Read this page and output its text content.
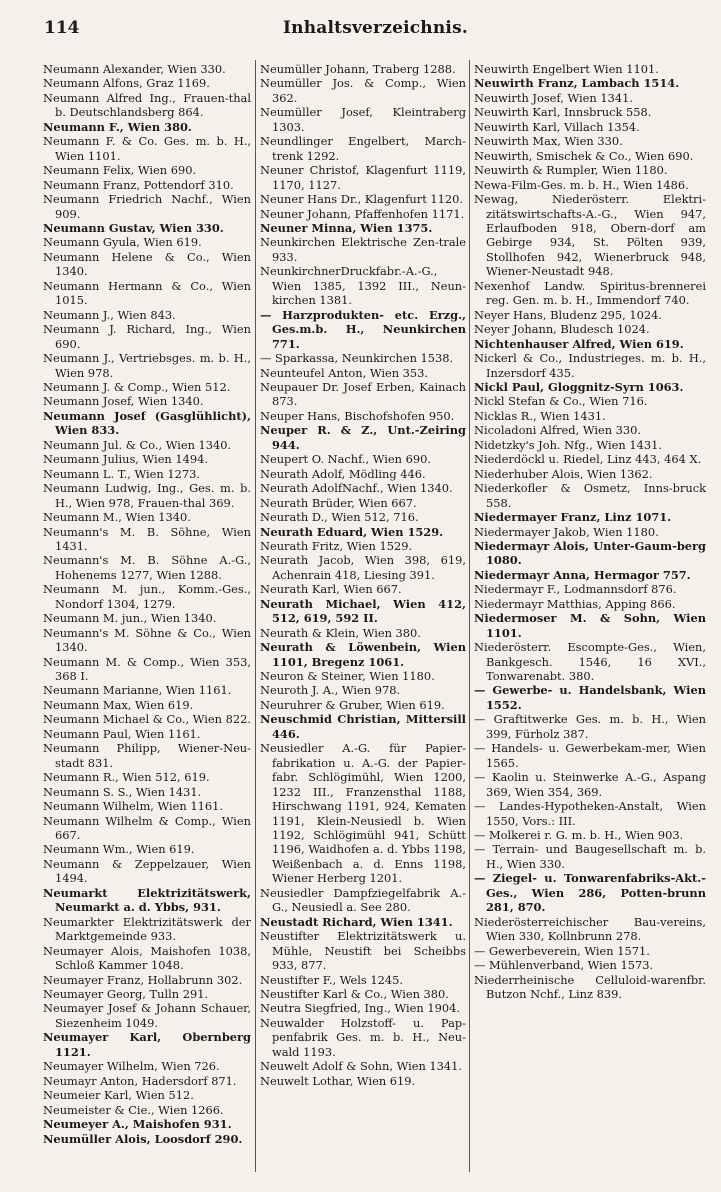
114	Inhaltsverzeichnis.

Neumann Alexander, Wien 330.

Neumann Alfons, Graz 1169.

Neumann Alfred Ing., Frauen-thal b. Deutschlandsberg 864.

Neumann F., Wien 380.

Neumann F. & Co. Ges. m. b. H., Wien 1101.

Neumann Felix, Wien 690.

Neumann Franz, Pottendorf 310.

Neumann Friedrich Nachf., Wien 909.

Neumann Gustav, Wien 330.

Neumann Gyula, Wien 619.

Neumann Helene & Co., Wien 1340.

Neumann Hermann & Co., Wien 1015.

Neumann J., Wien 843.

Neumann J. Richard, Ing., Wien 690.

Neumann J., Vertriebsges. m. b. H., Wien 978.

Neumann J. & Comp., Wien 512.

Neumann Josef, Wien 1340.

Neumann Josef (Gasglühlicht), Wien 833.

Neumann Jul. & Co., Wien 1340.

Neumann Julius, Wien 1494.

Neumann L. T., Wien 1273.

Neumann Ludwig, Ing., Ges. m. b. H., Wien 978, Frauen-thal 369.

Neumann M., Wien 1340.

Neumann's M. B. Söhne, Wien 1431.

Neumann's M. B. Söhne A.-G., Hohenems 1277, Wien 1288.

Neumann M. jun., Komm.-Ges., Nondorf 1304, 1279.

Neumann M. jun., Wien 1340.

Neumann's M. Söhne & Co., Wien 1340.

Neumann M. & Comp., Wien 353, 368 I.

Neumann Marianne, Wien 1161.

Neumann Max, Wien 619.

Neumann Michael & Co., Wien 822.

Neumann Paul, Wien 1161.

Neumann Philipp, Wiener-Neu-stadt 831.

Neumann R., Wien 512, 619.

Neumann S. S., Wien 1431.

Neumann Wilhelm, Wien 1161.

Neumann Wilhelm & Comp., Wien 667.

Neumann Wm., Wien 619.

Neumann & Zeppelzauer, Wien 1494.

Neumarkt Elektrizitätswerk, Neumarkt a. d. Ybbs, 931.

Neumarkter Elektrizitätswerk der Marktgemeinde 933.

Neumayer Alois, Maishofen 1038, Schloß Kammer 1048.

Neumayer Franz, Hollabrunn 302.

Neumayer Georg, Tulln 291.

Neumayer Josef & Johann Schauer, Siezenheim 1049.

Neumayer Karl, Obernberg 1121.

Neumayer Wilhelm, Wien 726.

Neumayr Anton, Hadersdorf 871.

Neumeier Karl, Wien 512.

Neumeister & Cie., Wien 1266.

Neumeyer A., Maishofen 931.

Neumüller Alois, Loosdorf 290.

Neumüller Johann, Traberg 1288.

Neumüller Jos. & Comp., Wien 362.

Neumüller Josef, Kleintraberg 1303.

Neundlinger Engelbert, March-trenk 1292.

Neuner Christof, Klagenfurt 1119, 1170, 1127.

Neuner Hans Dr., Klagenfurt 1120.

Neuner Johann, Pfaffenhofen 1171.

Neuner Minna, Wien 1375.

Neunkirchen Elektrische Zen-trale 933.

NeunkirchnerDruckfabr.-A.-G., Wien 1385, 1392 III., Neun-kirchen 1381.

— Harzprodukten- etc. Erzg., Ges.m.b. H., Neunkirchen 771.

— Sparkassa, Neunkirchen 1538.

Neunteufel Anton, Wien 353.

Neupauer Dr. Josef Erben, Kainach 873.

Neuper Hans, Bischofshofen 950.

Neuper R. & Z., Unt.-Zeiring 944.

Neupert O. Nachf., Wien 690.

Neurath Adolf, Mödling 446.

Neurath AdolfNachf., Wien 1340.

Neurath Brüder, Wien 667.

Neurath D., Wien 512, 716.

Neurath Eduard, Wien 1529.

Neurath Fritz, Wien 1529.

Neurath Jacob, Wien 398, 619, Achenrain 418, Liesing 391.

Neurath Karl, Wien 667.

Neurath Michael, Wien 412, 512, 619, 592 II.

Neurath & Klein, Wien 380.

Neurath & Löwenbein, Wien 1101, Bregenz 1061.

Neuron & Steiner, Wien 1180.

Neuroth J. A., Wien 978.

Neuruhrer & Gruber, Wien 619.

Neuschmid Christian, Mittersill 446.

Neusiedler A.-G. für Papier-fabrikation u. A.-G. der Papier-fabr. Schlögimühl, Wien 1200, 1232 III., Franzensthal 1188, Hirschwang 1191, 924, Kematen 1191, Klein-Neusiedl b. Wien 1192, Schlögimühl 941, Schütt 1196, Waidhofen a. d. Ybbs 1198, Weißenbach a. d. Enns 1198, Wiener Herberg 1201.

Neusiedler Dampfziegelfabrik A.-G., Neusiedl a. See 280.

Neustadt Richard, Wien 1341.

Neustifter Elektrizitätswerk u. Mühle, Neustift bei Scheibbs 933, 877.

Neustifter F., Wels 1245.

Neustifter Karl & Co., Wien 380.

Neutra Siegfried, Ing., Wien 1904.

Neuwalder Holzstoff- u. Pap-penfabrik Ges. m. b. H., Neu-wald 1193.

Neuwelt Adolf & Sohn, Wien 1341.

Neuwelt Lothar, Wien 619.

Neuwirth Engelbert Wien 1101.

Neuwirth Franz, Lambach 1514.

Neuwirth Josef, Wien 1341.

Neuwirth Karl, Innsbruck 558.

Neuwirth Karl, Villach 1354.

Neuwirth Max, Wien 330.

Neuwirth, Smischek & Co., Wien 690.

Neuwirth & Rumpler, Wien 1180.

Newa-Film-Ges. m. b. H., Wien 1486.

Newag, Niederösterr. Elektri-zitätswirtschafts-A.-G., Wien 947, Erlaufboden 918, Obern-dorf am Gebirge 934, St. Pölten 939, Stollhofen 942, Wienerbruck 948, Wiener-Neustadt 948.

Nexenhof Landw. Spiritus-brennerei reg. Gen. m. b. H., Immendorf 740.

Neyer Hans, Bludenz 295, 1024.

Neyer Johann, Bludesch 1024.

Nichtenhauser Alfred, Wien 619.

Nickerl & Co., Industrieges. m. b. H., Inzersdorf 435.

Nickl Paul, Gloggnitz-Syrn 1063.

Nickl Stefan & Co., Wien 716.

Nicklas R., Wien 1431.

Nicoladoni Alfred, Wien 330.

Nidetzky's Joh. Nfg., Wien 1431.

Niederdöckl u. Riedel, Linz 443, 464 X.

Niederhuber Alois, Wien 1362.

Niederkofler & Osmetz, Inns-bruck 558.

Niedermayer Franz, Linz 1071.

Niedermayer Jakob, Wien 1180.

Niedermayr Alois, Unter-Gaum-berg 1080.

Niedermayr Anna, Hermagor 757.

Niedermayr F., Lodmannsdorf 876.

Niedermayr Matthias, Apping 866.

Niedermoser M. & Sohn, Wien 1101.

Niederösterr. Escompte-Ges., Wien, Bankgesch. 1546, 16 XVI., Tonwarenabt. 380.

— Gewerbe- u. Handelsbank, Wien 1552.

— Graftitwerke Ges. m. b. H., Wien 399, Fürholz 387.

— Handels- u. Gewerbekam-mer, Wien 1565.

— Kaolin u. Steinwerke A.-G., Aspang 369, Wien 354, 369.

— Landes-Hypotheken-Anstalt, Wien 1550, Vors.: III.

— Molkerei r. G. m. b. H., Wien 903.

— Terrain- und Baugesellschaft m. b. H., Wien 330.

— Ziegel- u. Tonwarenfabriks-Akt.-Ges., Wien 286, Potten-brunn 281, 870.

Niederösterreichischer Bau-vereins, Wien 330, Kollnbrunn 278.

— Gewerbeverein, Wien 1571.

— Mühlenverband, Wien 1573.

Niederrheinische Celluloid-warenfbr. Butzon Nchf., Linz 839.
